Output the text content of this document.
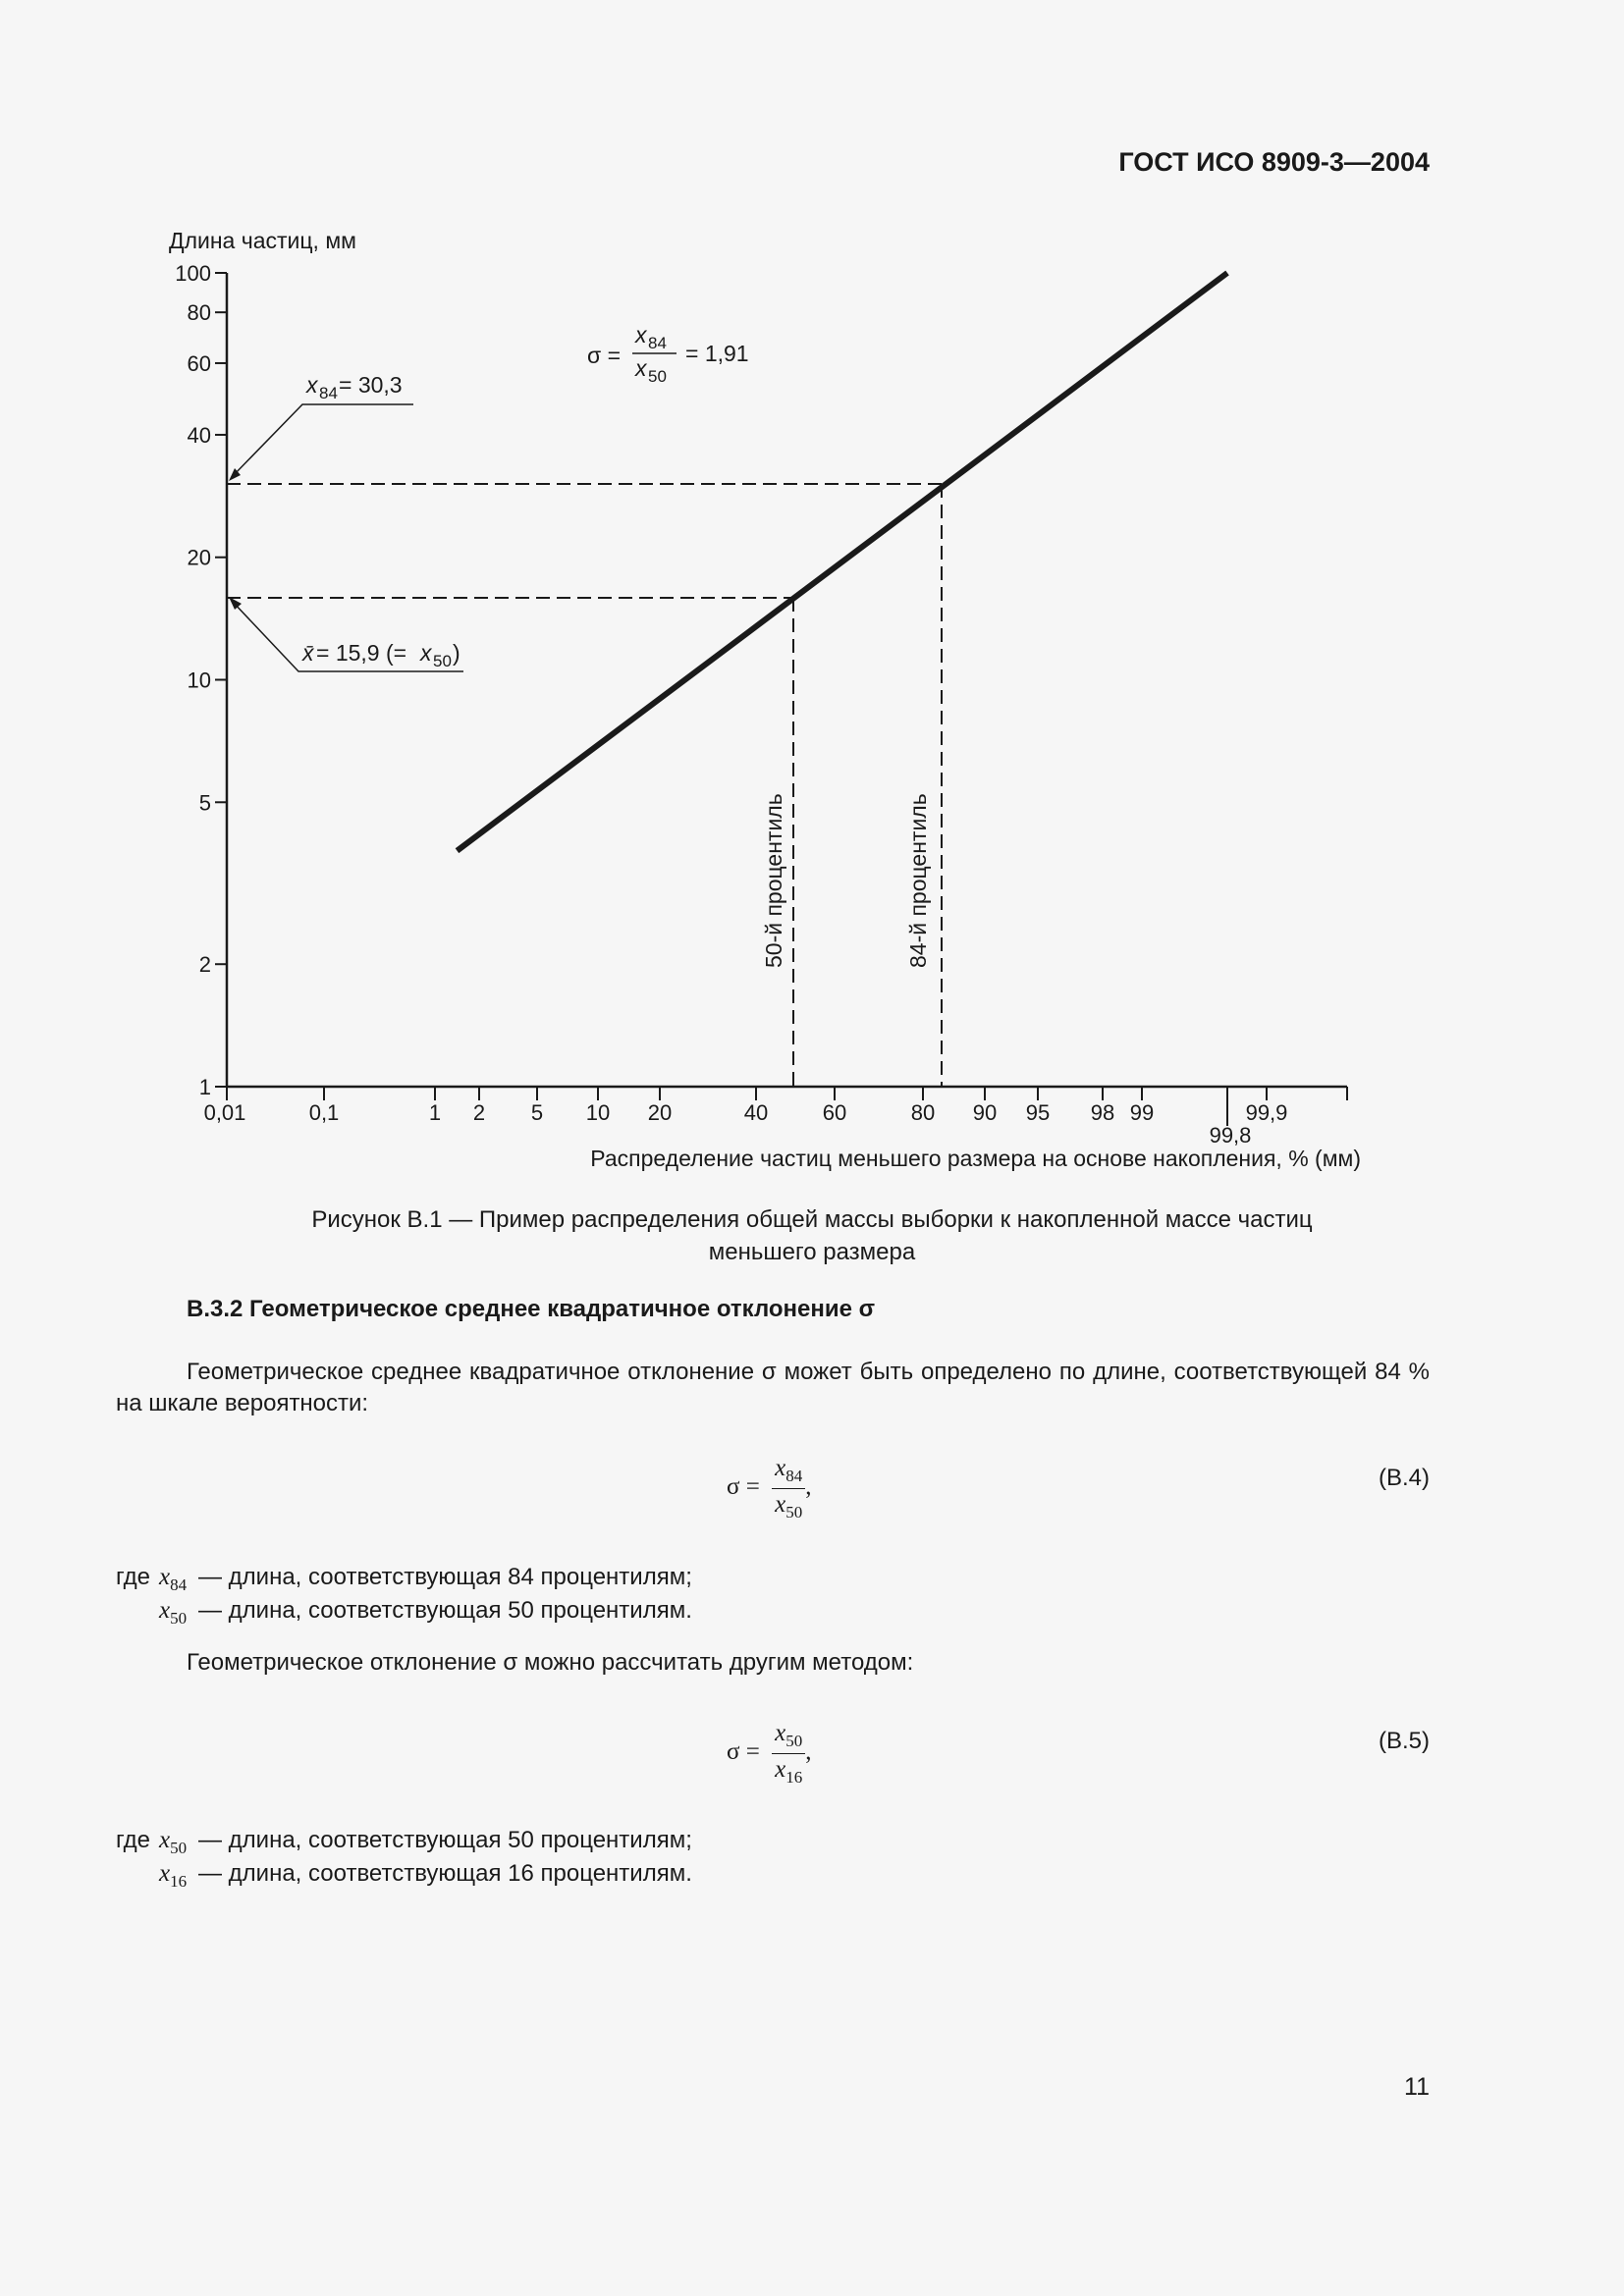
ГОСТ ИСО 8909-3—2004
1
2
5
10
20
40
60
80
100
Длина частиц, мм
0,01	0,1	1 2 5 10 20	40	60	80 90 95 98 99
99,8
99,9
Распределение частиц меньшего размера на основе накопления, % (мм)
σ =
x 84
x 50
= 1,91
x 84 = 30,3
x̄ = 15,9 (= x 50 )
50-й процентиль	84-й процентиль
Рисунок В.1 — Пример распределения общей массы выборки к накопленной массе частиц
меньшего размера
В.3.2 Геометрическое среднее квадратичное отклонение σ
Геометрическое среднее квадратичное отклонение σ может быть определено по длине, соответствующей 84 % на шкале вероятности:
$\sigma = \frac{x_{84}}{x_{50}}$ ,	(В.4)
где $x_{84}$ — длина, соответствующая 84 процентилям;
$x_{50}$ — длина, соответствующая 50 процентилям.
Геометрическое отклонение σ можно рассчитать другим методом:
$\sigma = \frac{x_{50}}{x_{16}}$ ,	(В.5)
где $x_{50}$ — длина, соответствующая 50 процентилям;
$x_{16}$ — длина, соответствующая 16 процентилям.
11
